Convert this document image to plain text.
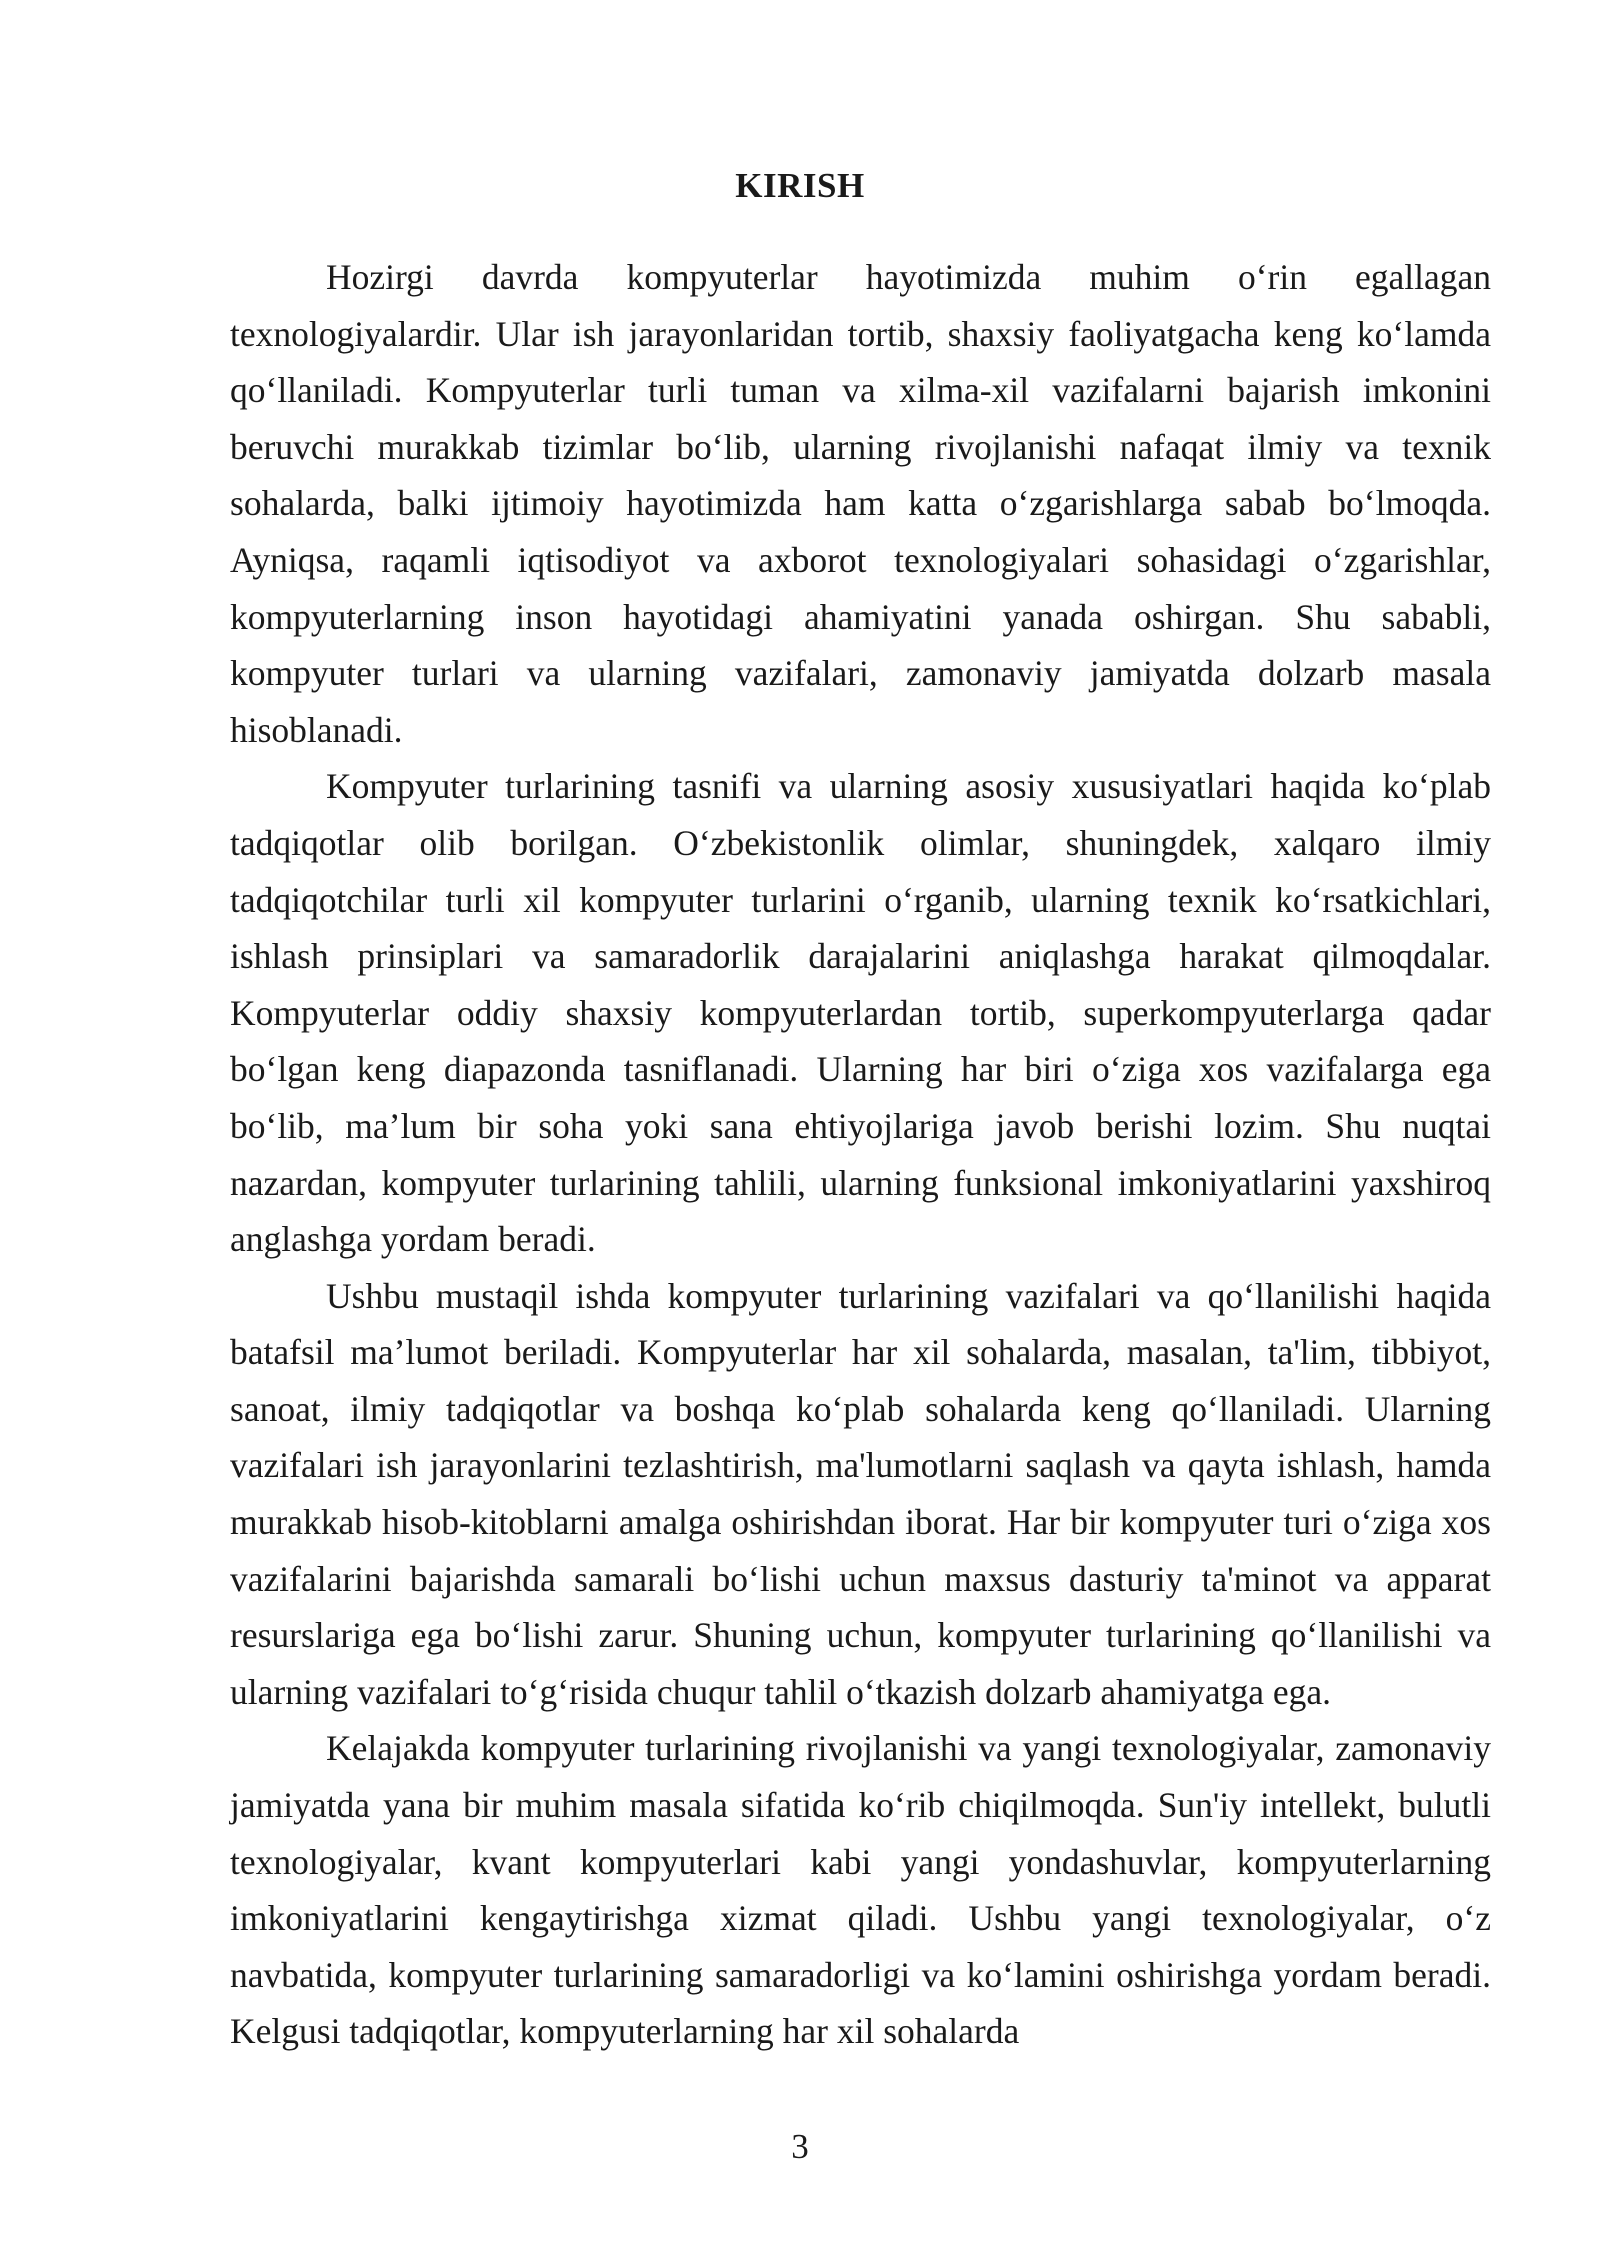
KIRISH

Hozirgi davrda kompyuterlar hayotimizda muhim o‘rin egallagan texnologiyalardir. Ular ish jarayonlaridan tortib, shaxsiy faoliyatgacha keng ko‘lamda qo‘llaniladi. Kompyuterlar turli tuman va xilma-xil vazifalarni bajarish imkonini beruvchi murakkab tizimlar bo‘lib, ularning rivojlanishi nafaqat ilmiy va texnik sohalarda, balki ijtimoiy hayotimizda ham katta o‘zgarishlarga sabab bo‘lmoqda. Ayniqsa, raqamli iqtisodiyot va axborot texnologiyalari sohasidagi o‘zgarishlar, kompyuterlarning inson hayotidagi ahamiyatini yanada oshirgan. Shu sababli, kompyuter turlari va ularning vazifalari, zamonaviy jamiyatda dolzarb masala hisoblanadi.

Kompyuter turlarining tasnifi va ularning asosiy xususiyatlari haqida ko‘plab tadqiqotlar olib borilgan. O‘zbekistonlik olimlar, shuningdek, xalqaro ilmiy tadqiqotchilar turli xil kompyuter turlarini o‘rganib, ularning texnik ko‘rsatkichlari, ishlash prinsiplari va samaradorlik darajalarini aniqlashga harakat qilmoqdalar. Kompyuterlar oddiy shaxsiy kompyuterlardan tortib, superkompyuterlarga qadar bo‘lgan keng diapazonda tasniflanadi. Ularning har biri o‘ziga xos vazifalarga ega bo‘lib, ma’lum bir soha yoki sana ehtiyojlariga javob berishi lozim. Shu nuqtai nazardan, kompyuter turlarining tahlili, ularning funksional imkoniyatlarini yaxshiroq anglashga yordam beradi.

Ushbu mustaqil ishda kompyuter turlarining vazifalari va qo‘llanilishi haqida batafsil ma’lumot beriladi. Kompyuterlar har xil sohalarda, masalan, ta'lim, tibbiyot, sanoat, ilmiy tadqiqotlar va boshqa ko‘plab sohalarda keng qo‘llaniladi. Ularning vazifalari ish jarayonlarini tezlashtirish, ma'lumotlarni saqlash va qayta ishlash, hamda murakkab hisob-kitoblarni amalga oshirishdan iborat. Har bir kompyuter turi o‘ziga xos vazifalarini bajarishda samarali bo‘lishi uchun maxsus dasturiy ta'minot va apparat resurslariga ega bo‘lishi zarur. Shuning uchun, kompyuter turlarining qo‘llanilishi va ularning vazifalari to‘g‘risida chuqur tahlil o‘tkazish dolzarb ahamiyatga ega.

Kelajakda kompyuter turlarining rivojlanishi va yangi texnologiyalar, zamonaviy jamiyatda yana bir muhim masala sifatida ko‘rib chiqilmoqda. Sun'iy intellekt, bulutli texnologiyalar, kvant kompyuterlari kabi yangi yondashuvlar, kompyuterlarning imkoniyatlarini kengaytirishga xizmat qiladi. Ushbu yangi texnologiyalar, o‘z navbatida, kompyuter turlarining samaradorligi va ko‘lamini oshirishga yordam beradi. Kelgusi tadqiqotlar, kompyuterlarning har xil sohalarda

3
